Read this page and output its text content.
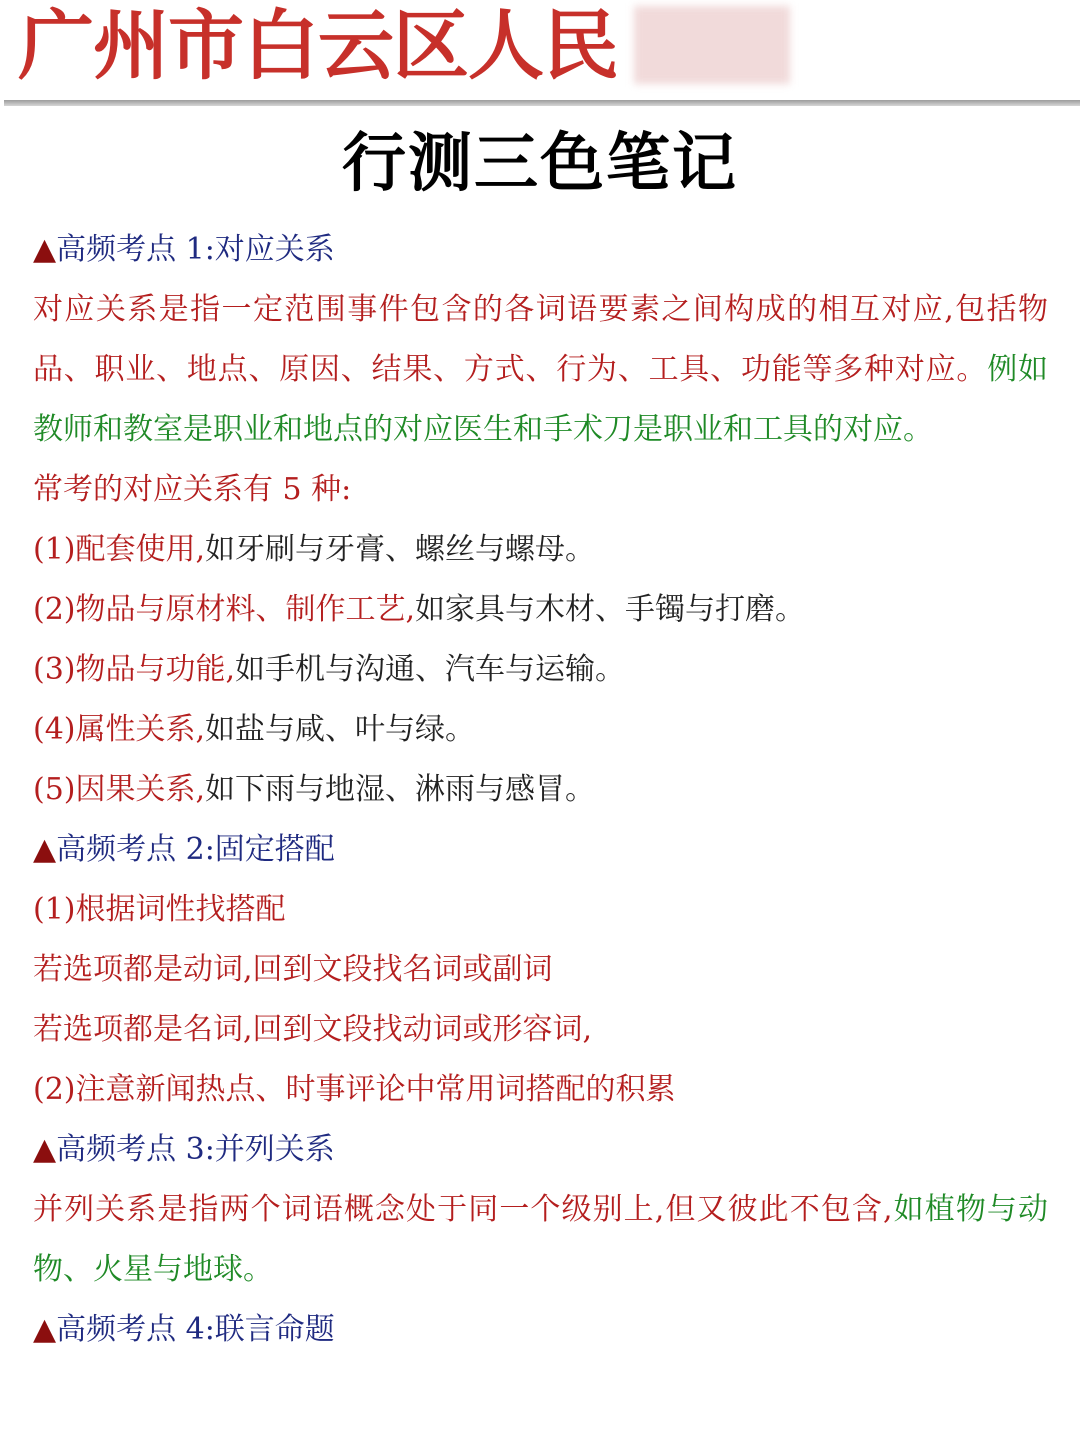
广州市白云区人民
行测三色笔记
▲高频考点 1:对应关系
对应关系是指一定范围事件包含的各词语要素之间构成的相互对应,包括物品、职业、地点、原因、结果、方式、行为、工具、功能等多种对应。例如教师和教室是职业和地点的对应医生和手术刀是职业和工具的对应。
常考的对应关系有 5 种:
(1)配套使用,如牙刷与牙膏、螺丝与螺母。
(2)物品与原材料、制作工艺,如家具与木材、手镯与打磨。
(3)物品与功能,如手机与沟通、汽车与运输。
(4)属性关系,如盐与咸、叶与绿。
(5)因果关系,如下雨与地湿、淋雨与感冒。
▲高频考点 2:固定搭配
(1)根据词性找搭配
若选项都是动词,回到文段找名词或副词
若选项都是名词,回到文段找动词或形容词,
(2)注意新闻热点、时事评论中常用词搭配的积累
▲高频考点 3:并列关系
并列关系是指两个词语概念处于同一个级别上,但又彼此不包含,如植物与动物、火星与地球。
▲高频考点 4:联言命题
